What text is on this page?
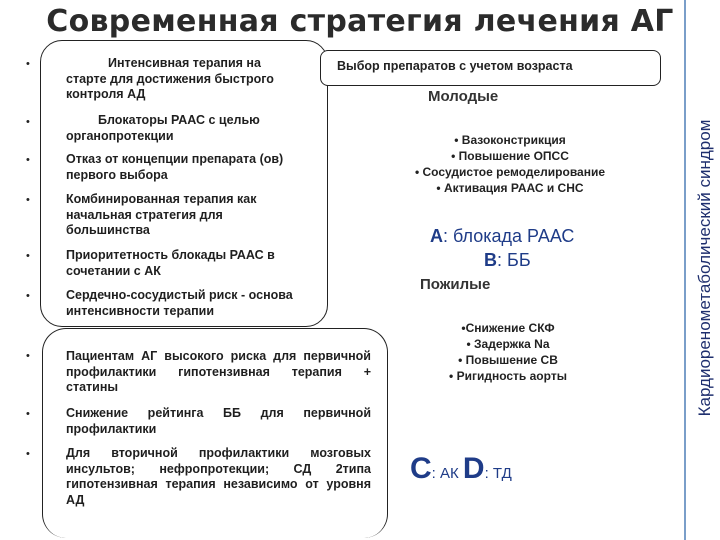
Современная стратегия лечения АГ
•
•
•
•
•
•
•
•
•
Интенсивная терапия на старте для достижения быстрого контроля АД
Блокаторы РААС с целью органопротекции
Отказ от концепции препарата (ов) первого выбора
Комбинированная терапия как начальная стратегия для большинства
Приоритетность блокады РААС в сочетании с АК
Сердечно-сосудистый риск - основа интенсивности терапии
Пациентам АГ высокого риска для первичной профилактики гипотензивная терапия + статины
Снижение рейтинга ББ для первичной профилактики
Для вторичной профилактики мозговых инсультов; нефропротекции; СД 2типа гипотензивная терапия независимо от уровня АД
Выбор препаратов с учетом возраста
Молодые
• Вазоконстрикция
• Повышение ОПСС
• Сосудистое ремоделирование
• Активация РААС и СНС
А: блокада РААС
В: ББ
Пожилые
•Снижение СКФ
• Задержка Na
• Повышение СВ
• Ригидность аорты
С: АК D: ТД
Кардиоренометаболический синдром
